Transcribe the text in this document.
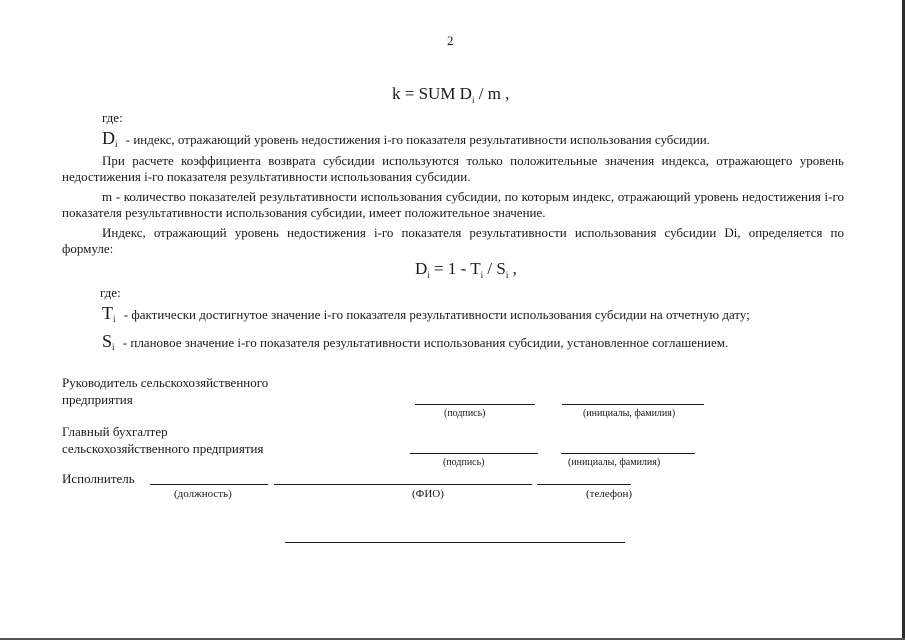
2
k = SUM $D_i$ / m ,
где:
$D_i$ - индекс, отражающий уровень недостижения i-го показателя результативности использования субсидии.
При расчете коэффициента возврата субсидии используются только положительные значения индекса, отражающего уровень недостижения i-го показателя результативности использования субсидии.
m - количество показателей результативности использования субсидии, по которым индекс, отражающий уровень недостижения i-го показателя результативности использования субсидии, имеет положительное значение.
Индекс, отражающий уровень недостижения i-го показателя результативности использования субсидии Di, определяется по формуле:
$D_i = 1 - T_i / S_i$ ,
где:
$T_i$ - фактически достигнутое значение i-го показателя результативности использования субсидии на отчетную дату;
$S_i$ - плановое значение i-го показателя результативности использования субсидии, установленное соглашением.
Руководитель сельскохозяйственного
предприятия
(подпись)	(инициалы, фамилия)
Главный бухгалтер
сельскохозяйственного предприятия
(подпись)	(инициалы, фамилия)
Исполнитель
(должность)	(ФИО)	(телефон)
